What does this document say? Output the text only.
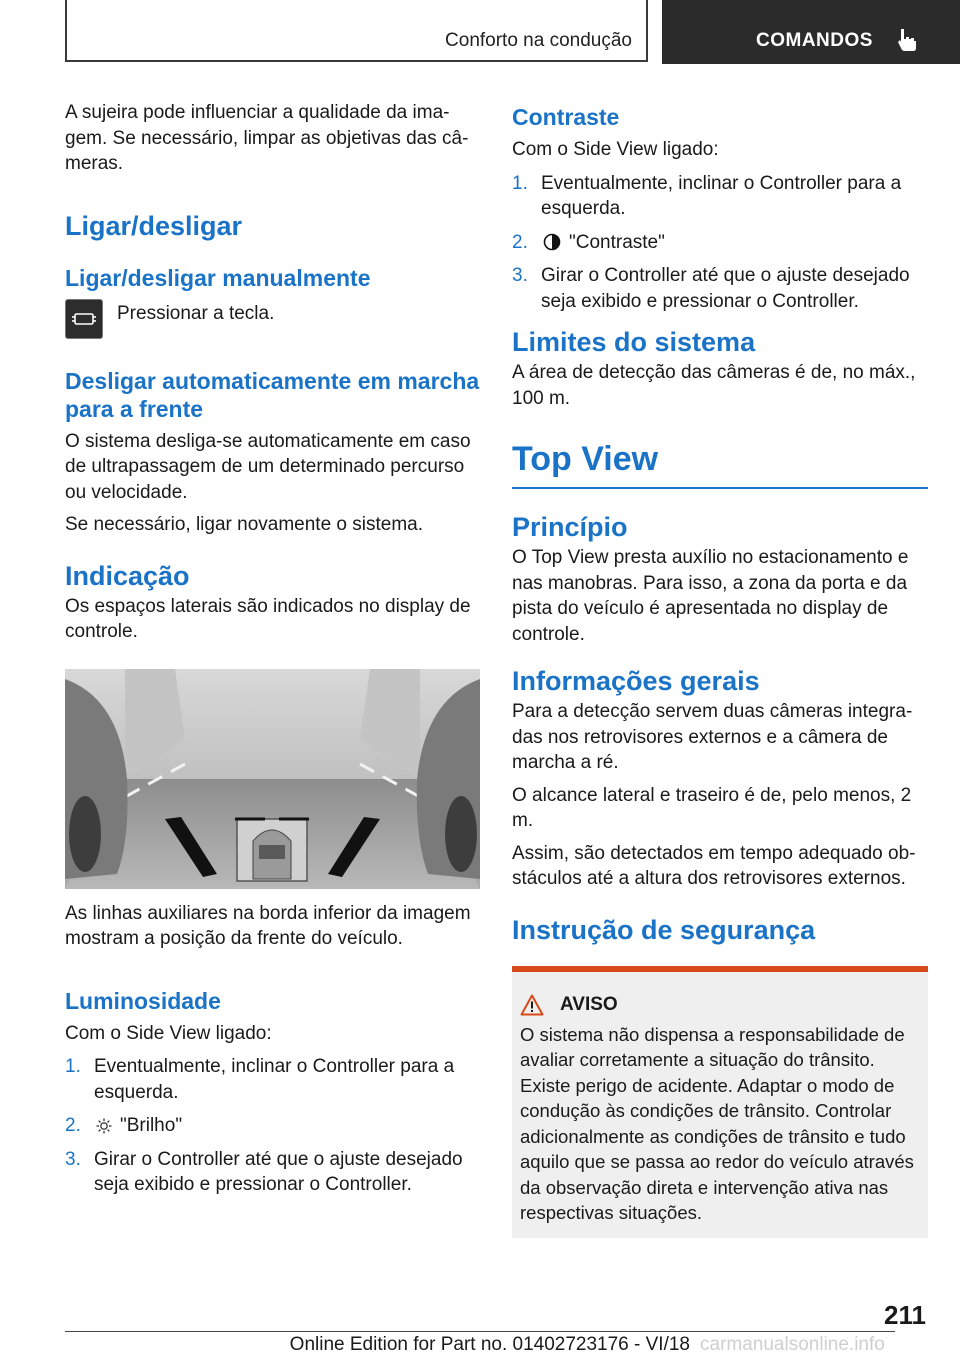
Conforto na condução	COMANDOS

A sujeira pode influenciar a qualidade da imagem. Se necessário, limpar as objetivas das câmeras.

Ligar/desligar
Ligar/desligar manualmente

Pressionar a tecla.

Desligar automaticamente em marcha para a frente

O sistema desliga-se automaticamente em caso de ultrapassagem de um determinado percurso ou velocidade.

Se necessário, ligar novamente o sistema.

Indicação

Os espaços laterais são indicados no display de controle.

As linhas auxiliares na borda inferior da imagem mostram a posição da frente do veículo.

Luminosidade

Com o Side View ligado:

1. Eventualmente, inclinar o Controller para a esquerda.
2.	"Brilho"
3. Girar o Controller até que o ajuste desejado seja exibido e pressionar o Controller.
Contraste

Com o Side View ligado:

1. Eventualmente, inclinar o Controller para a esquerda.
2.	"Contraste"
3. Girar o Controller até que o ajuste desejado seja exibido e pressionar o Controller.
Limites do sistema

A área de detecção das câmeras é de, no máx., 100 m.

Top View
Princípio

O Top View presta auxílio no estacionamento e nas manobras. Para isso, a zona da porta e da pista do veículo é apresentada no display de controle.

Informações gerais

Para a detecção servem duas câmeras integradas nos retrovisores externos e a câmera de marcha a ré.

O alcance lateral e traseiro é de, pelo menos, 2 m.

Assim, são detectados em tempo adequado obstáculos até a altura dos retrovisores externos.

Instrução de segurança
AVISO

O sistema não dispensa a responsabilidade de avaliar corretamente a situação do trânsito. Existe perigo de acidente. Adaptar o modo de condução às condições de trânsito. Controlar adicionalmente as condições de trânsito e tudo aquilo que se passa ao redor do veículo através da observação direta e intervenção ativa nas respectivas situações.

211
carmanualsonline.info
Online Edition for Part no. 01402723176 - VI/18
